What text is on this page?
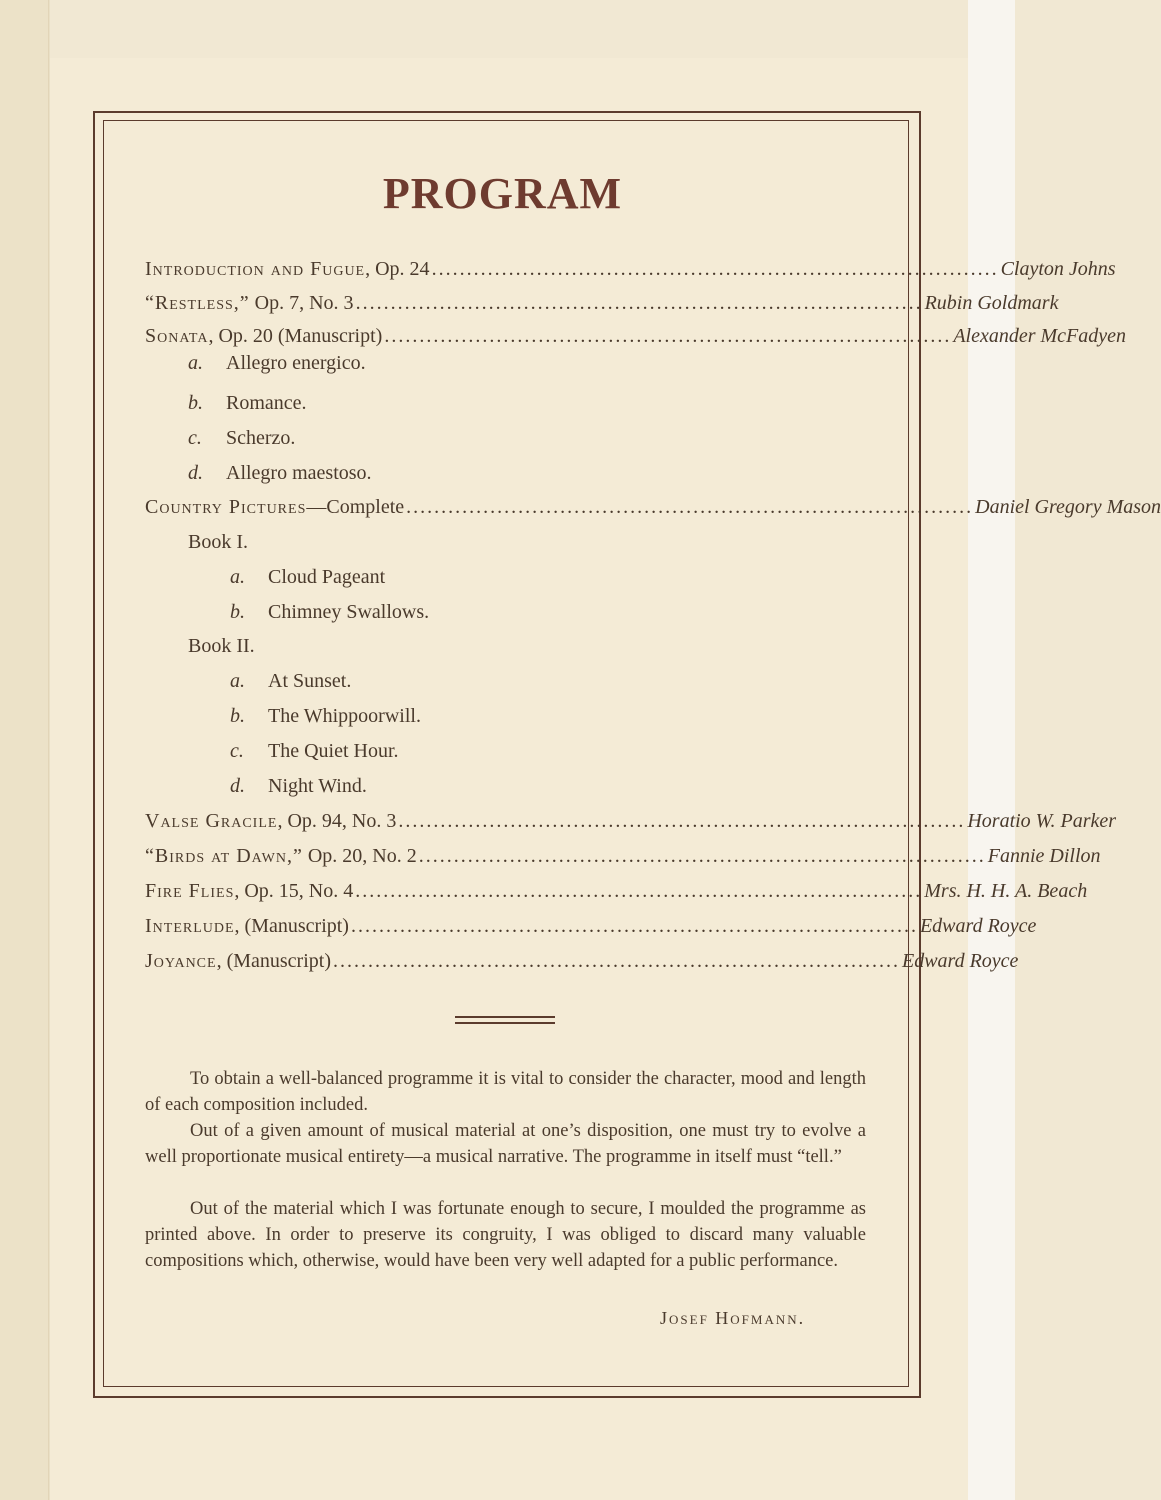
PROGRAM
Introduction and Fugue, Op. 24 ................................................................................. Clayton Johns
“Restless,” Op. 7, No. 3 ................................................................................. Rubin Goldmark
Sonata, Op. 20 (Manuscript) ................................................................................. Alexander McFadyen
a. Allegro energico.
b. Romance.
c. Scherzo.
d. Allegro maestoso.
Country Pictures—Complete ................................................................................. Daniel Gregory Mason
Book I.
a. Cloud Pageant
b. Chimney Swallows.
Book II.
a. At Sunset.
b. The Whippoorwill.
c. The Quiet Hour.
d. Night Wind.
Valse Gracile, Op. 94, No. 3 ................................................................................. Horatio W. Parker
“Birds at Dawn,” Op. 20, No. 2 ................................................................................. Fannie Dillon
Fire Flies, Op. 15, No. 4 ................................................................................. Mrs. H. H. A. Beach
Interlude, (Manuscript) ................................................................................. Edward Royce
Joyance, (Manuscript) ................................................................................. Edward Royce
To obtain a well-balanced programme it is vital to consider the character, mood and length of each composition included.
Out of a given amount of musical material at one’s disposition, one must try to evolve a well proportionate musical entirety—a musical narrative. The programme in itself must “tell.”
Out of the material which I was fortunate enough to secure, I moulded the programme as printed above. In order to preserve its congruity, I was obliged to discard many valuable compositions which, otherwise, would have been very well adapted for a public performance.
Josef Hofmann.
